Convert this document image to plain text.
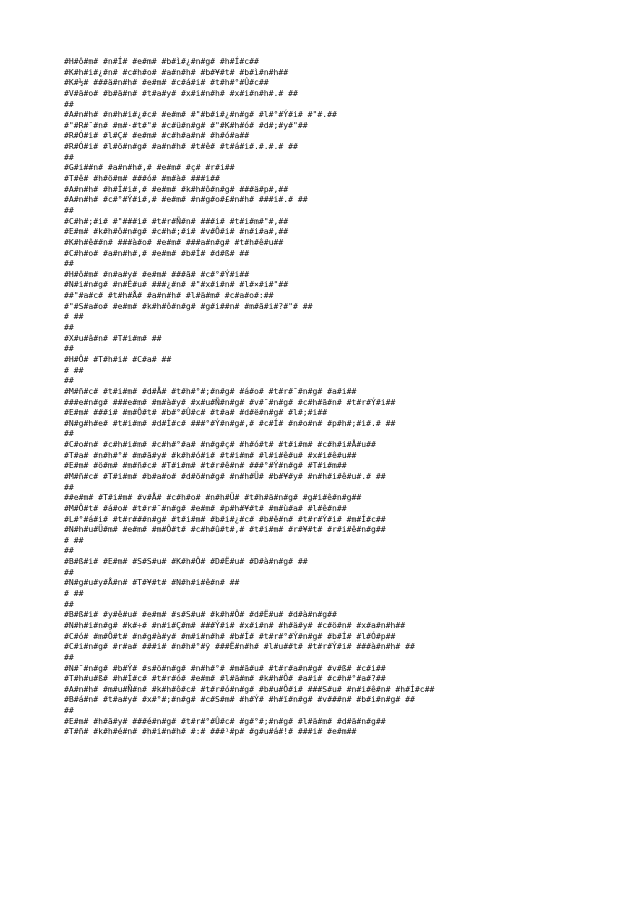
#H#ô#m# #n#Í# #e#m# #b#ì#¿#n#g# #h#Í#c##
#K#h#i#¿#n# #c#h#o# #a#n#h# #b#¥#t# #b#ì#n#h##
#K#½# ###ä#n#h# #e#m# #c#á#i# #t#h#°#Û#c##
#V#ä#o# #b#ä#n# #t#a#y# #x#i#n#h# #x#i#n#h#.# ##
##
#A#n#h# #n#h#i#¿#c# #e#m# #"#b#i#¿#n#g# #l#°#Ý#i# #"#.##
#"#R#¯#n# #m#·#t#"# #c#ü#n#g# #"#K#h#ó# #d#;#y#"##
#R#Ó#i# #l#Ç# #e#m# #c#h#a#n# #h#ó#a##
#R#Ó#i# #l#ö#n#g# #a#n#h# #t#ê# #t#á#i#.#.#.# ##
##
#G#i##n# #a#n#h#,# #e#m# #ç# #r#i##
#T#ê# #h#ö#m# ###ó# #m#à# ###i##
#A#n#h# #h#Í#i#,# #e#m# #k#h#ô#n#g# ###ä#p#,##
#A#n#h# #c#°#Ý#i#,# #e#m# #n#g#o#£#n#h# ###i#.# ##
##
#C#h#;#i# #"###i# #t#r#Ñ#n# ###i# #t#i#m#"#,##
#E#m# #k#h#ô#n#g# #c#h#;#i# #v#Ô#i# #n#i#a#,##
#K#h#ê##n# ###à#o# #e#m# ###a#n#g# #t#h#ê#u##
#C#h#o# #a#n#h#,# #e#m# #b#Í# #d#ß# ##
##
#H#ô#m# #n#a#y# #e#m# ###ã# #c#°#Ý#i##
#N#i#n#g# #n#Ë#u# ###¿#n# #"#x#i#n# #l#×#i#"##
##"#a#c# #t#h#Å# #a#n#h# #l#ä#m# #c#a#o#:##
#"#S#a#o# #e#m# #k#h#ô#n#g# #g#i##n# #m#ã#i#?#"# ##
# ##
##
#X#u#â#n# #T#i#m# ##
##
#H#Ô# #T#h#i# #C#a# ##
# ##
##
#M#ñ#c# #t#i#m# #d#Å# #t#h#°#;#n#g# #á#o# #t#r#¯#n#g# #a#i##
###e#n#g# ###e#m# #m#à#y# #x#u#Ñ#n#g# #v#¯#n#g# #c#h#ã#n# #t#r#Ý#i##
#E#m# ###i# #m#Ô#t# #b#°#Û#c# #t#a# #d#ë#n#g# #l#;#i##
#N#g#h#e# #t#i#m# #d#Í#c# ###°#Ý#n#g#,# #c#Í# #n#o#n# #p#h#;#i#.# ##
##
#C#o#n# #c#h#i#m# #c#h#°#a# #n#g#ç# #h#ó#t# #t#i#m# #c#h#i#Å#u##
#T#a# #n#h#°# #m#ã#y# #k#h#ó#i# #t#i#m# #l#i#ê#u# #x#i#ê#u##
#E#m# #ö#m# #m#ñ#c# #T#i#m# #t#r#ê#n# ###°#Ý#n#g# #T#i#m##
#M#ñ#c# #T#i#m# #b#a#o# #d#ö#n#g# #n#h#Ü# #b#¥#y# #n#h#i#ê#u#.# ##
##
##e#m# #T#i#m# #v#Å# #c#h#o# #n#h#Ü# #t#h#ä#n#g# #g#i#ê#n#g##
#M#Ô#t# #á#o# #t#r#¯#n#g# #e#m# #p#h#¥#t# #m#ù#a# #l#ê#n##
#L#°#á#i# #t#r###n#g# #t#i#m# #b#i#¿#c# #b#ê#n# #t#r#Ý#i# #m#Í#c##
#N#h#u#Ü#m# #e#m# #m#Ô#t# #c#h#û#t#,# #t#i#m# #r#¥#t# #r#i#ê#n#g##
# ##
##
#B#ß#i# #E#m# #S#S#u# #K#h#Ô# #D#Ë#u# #D#à#n#g# ##
##
#N#g#u#y#Å#n# #T#¥#t# #N#h#i#ê#n# ##
# ##
##
#B#ß#i# #y#ê#u# #e#m# #s#S#u# #k#h#Ô# #d#Ë#u# #d#à#n#g##
#N#h#i#n#g# #k#÷# #n#i#Ç#m# ###Ý#i# #x#i#n# #h#ä#y# #c#ö#n# #x#a#n#h##
#C#ó# #m#Ô#t# #n#g#à#y# #m#i#n#h# #b#Í# #t#r#°#Ý#n#g# #b#Í# #l#Ó#p##
#C#i#n#g# #r#a# ###i# #n#h#°#ÿ ###Ë#n#h# #l#u##t# #t#r#Ý#i# ###à#n#h# ##
##
#N#¯#n#g# #b#Ý# #s#ö#n#g# #n#h#°# #m#ã#u# #t#r#a#n#g# #v#ß# #c#i##
#T#h#u#ß# #h#Í#c# #t#r#ó# #e#m# #l#ä#m# #k#h#Ô# #a#i# #c#h#°#a#?##
#A#n#h# #m#u#Ñ#n# #k#h#ô#c# #t#r#ó#n#g# #b#u#Ô#i# ###S#u# #n#i#ê#n# #h#Í#c##
#B#á#n# #t#a#y# #x#°#;#n#g# #c#S#m# #h#Ý# #h#ï#n#g# #v###n# #b#i#n#g# ##
##
#E#m# #h#ã#y# ###é#n#g# #t#r#°#Û#c# #g#°#;#n#g# #l#ä#m# #d#ä#n#g##
#T#ñ# #k#h#é#n# #h#i#n#h# #:# ###¹#p# #g#u#á#!# ###i# #e#m##
